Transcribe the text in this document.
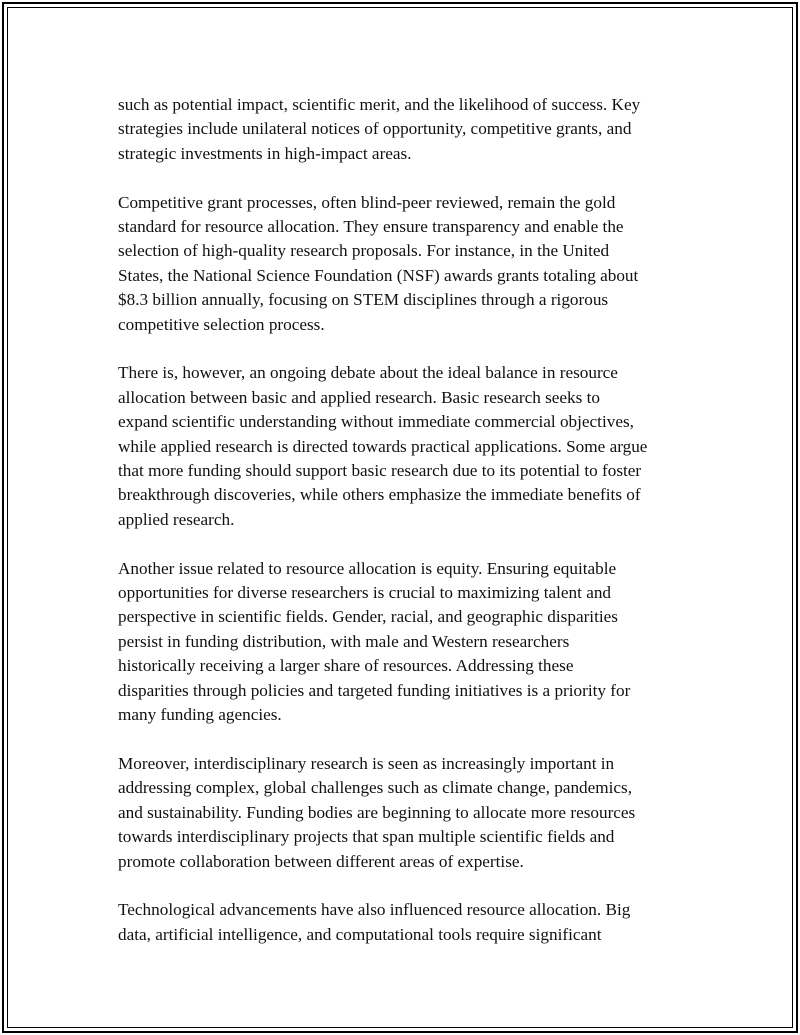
such as potential impact, scientific merit, and the likelihood of success. Key
strategies include unilateral notices of opportunity, competitive grants, and
strategic investments in high-impact areas.

Competitive grant processes, often blind-peer reviewed, remain the gold
standard for resource allocation. They ensure transparency and enable the
selection of high-quality research proposals. For instance, in the United
States, the National Science Foundation (NSF) awards grants totaling about
$8.3 billion annually, focusing on STEM disciplines through a rigorous
competitive selection process.

There is, however, an ongoing debate about the ideal balance in resource
allocation between basic and applied research. Basic research seeks to
expand scientific understanding without immediate commercial objectives,
while applied research is directed towards practical applications. Some argue
that more funding should support basic research due to its potential to foster
breakthrough discoveries, while others emphasize the immediate benefits of
applied research.

Another issue related to resource allocation is equity. Ensuring equitable
opportunities for diverse researchers is crucial to maximizing talent and
perspective in scientific fields. Gender, racial, and geographic disparities
persist in funding distribution, with male and Western researchers
historically receiving a larger share of resources. Addressing these
disparities through policies and targeted funding initiatives is a priority for
many funding agencies.

Moreover, interdisciplinary research is seen as increasingly important in
addressing complex, global challenges such as climate change, pandemics,
and sustainability. Funding bodies are beginning to allocate more resources
towards interdisciplinary projects that span multiple scientific fields and
promote collaboration between different areas of expertise.

Technological advancements have also influenced resource allocation. Big
data, artificial intelligence, and computational tools require significant
